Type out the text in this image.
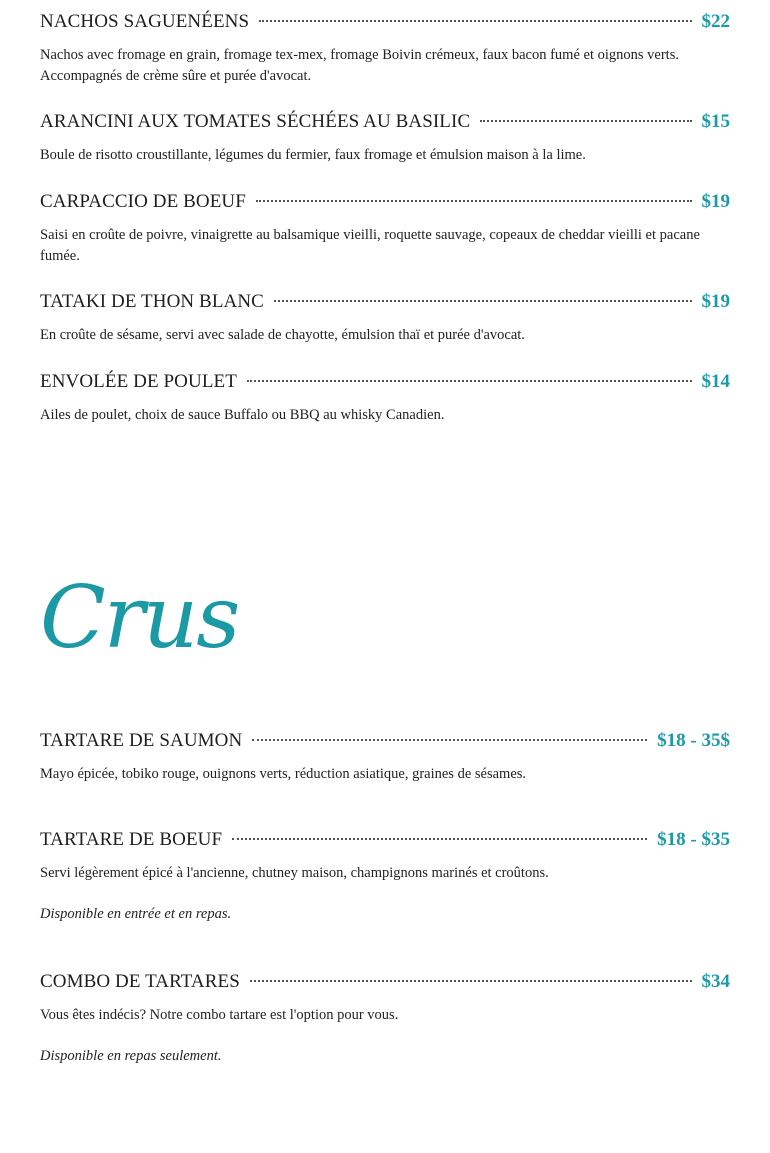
NACHOS SAGUENÉENS	$22
Nachos avec fromage en grain, fromage tex-mex, fromage Boivin crémeux, faux bacon fumé et oignons verts. Accompagnés de crème sûre et purée d'avocat.
ARANCINI AUX TOMATES SÉCHÉES AU BASILIC	$15
Boule de risotto croustillante, légumes du fermier, faux fromage et émulsion maison à la lime.
CARPACCIO DE BOEUF	$19
Saisi en croûte de poivre, vinaigrette au balsamique vieilli, roquette sauvage, copeaux de cheddar vieilli et pacane fumée.
TATAKI DE THON BLANC	$19
En croûte de sésame, servi avec salade de chayotte, émulsion thaï et purée d'avocat.
ENVOLÉE DE POULET	$14
Ailes de poulet, choix de sauce Buffalo ou BBQ au whisky Canadien.
Crus
TARTARE DE SAUMON	$18 - 35$
Mayo épicée, tobiko rouge, ouignons verts, réduction asiatique, graines de sésames.
TARTARE DE BOEUF	$18 - $35
Servi légèrement épicé à l'ancienne, chutney maison, champignons marinés et croûtons.
Disponible en entrée et en repas.
COMBO DE TARTARES	$34
Vous êtes indécis? Notre combo tartare est l'option pour vous.
Disponible en repas seulement.
